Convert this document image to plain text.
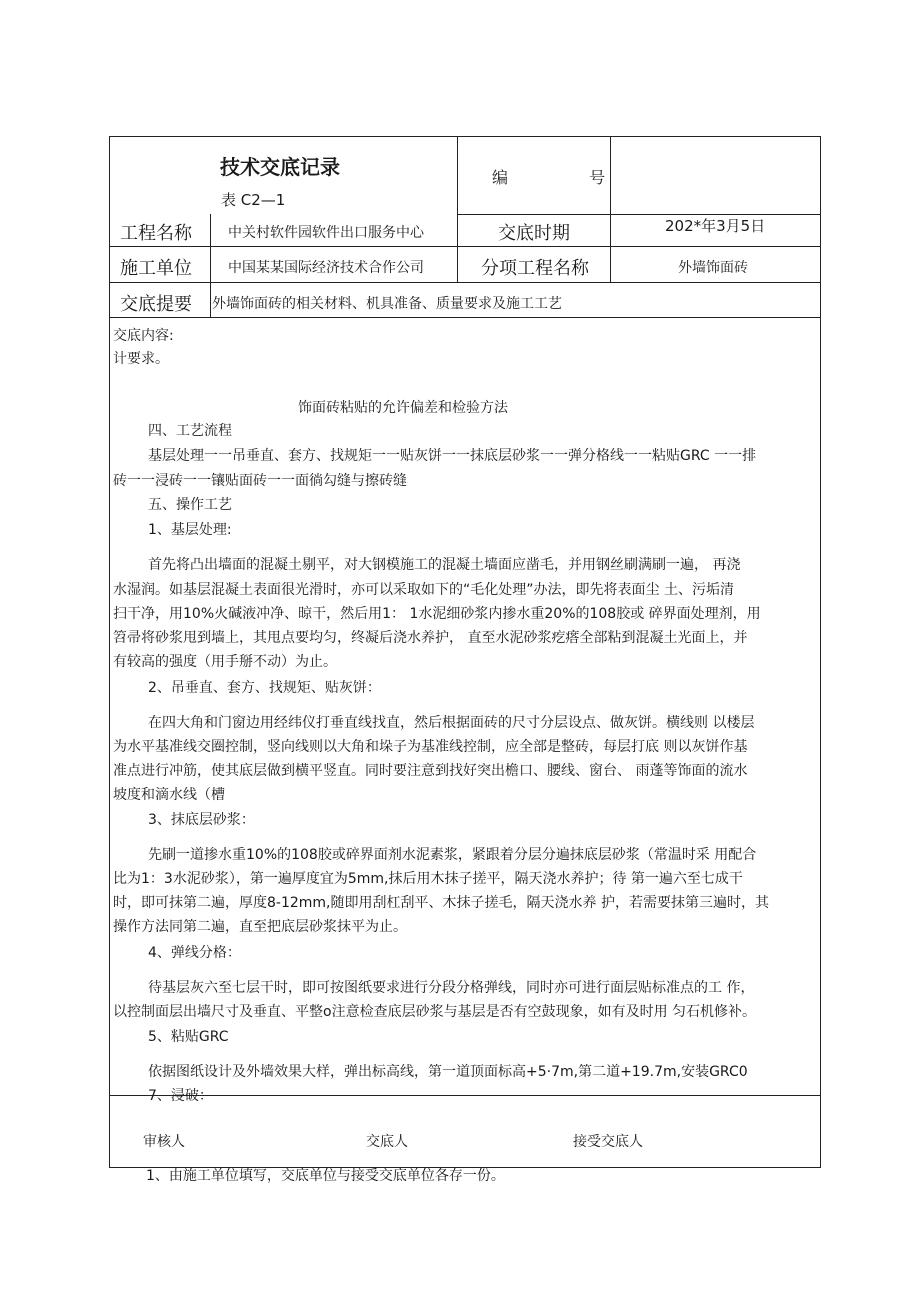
技术交底记录
表 C2—1
编 号
工程名称	中关村软件园软件出口服务中心	交底时期	202*年3月5日
施工单位	中国某某国际经济技术合作公司	分项工程名称	外墙饰面砖
交底提要 外墙饰面砖的相关材料、机具准备、质量要求及施工工艺
交底内容:
计要求。
饰面砖粘贴的允许偏差和检验方法
四、工艺流程
基层处理一一吊垂直、套方、找规矩一一贴灰饼一一抹底层砂浆一一弹分格线一一粘贴GRC 一一排
砖一一浸砖一一镶贴面砖一一面徜勾缝与擦砖缝
五、操作工艺
1、基层处理:
首先将凸出墙面的混凝土剔平，对大钢模施工的混凝土墙面应凿毛，并用钢丝刷满刷一遍， 再浇
水湿润。如基层混凝土表面很光滑时，亦可以采取如下的“毛化处理”办法，即先将表面尘 土、污垢清
扫干净，用10%火碱液冲净、晾干，然后用1： 1水泥细砂浆内掺水重20%的108胶或 碎界面处理剂，用
笤帚将砂浆甩到墙上，其甩点要均匀，终凝后浇水养护， 直至水泥砂浆疙瘩全部粘到混凝土光面上，并
有较高的强度（用手掰不动）为止。
2、吊垂直、套方、找规矩、贴灰饼：
在四大角和门窗边用经纬仪打垂直线找直，然后根据面砖的尺寸分层设点、做灰饼。横线则 以楼层
为水平基准线交圈控制，竖向线则以大角和垛子为基准线控制，应全部是整砖，每层打底 则以灰饼作基
准点进行冲筋，使其底层做到横平竖直。同时要注意到找好突出檐口、腰线、窗台、 雨蓬等饰面的流水
坡度和滴水线（槽
3、抹底层砂浆：
先刷一道掺水重10%的108胶或碎界面剂水泥素浆，紧跟着分层分遍抹底层砂浆（常温时采 用配合
比为1：3水泥砂浆），第一遍厚度宜为5mm,抹后用木抹子搓平，隔天浇水养护；待 第一遍六至七成干
时，即可抹第二遍，厚度8-12mm,随即用刮杠刮平、木抹子搓毛，隔天浇水养 护，若需要抹第三遍时，其
操作方法同第二遍，直至把底层砂浆抹平为止。
4、弹线分格：
待基层灰六至七层干时，即可按图纸要求进行分段分格弹线，同时亦可进行面层贴标准点的工 作，
以控制面层出墙尺寸及垂直、平整o注意检查底层砂浆与基层是否有空鼓现象，如有及时用 匀石机修补。
5、粘贴GRC
依据图纸设计及外墙效果大样，弹出标高线，第一道顶面标高+5·7m,第二道+19.7m,安装GRC0
7、浸破：
审核人	交底人	接受交底人
1、由施工单位填写，交底单位与接受交底单位各存一份。
